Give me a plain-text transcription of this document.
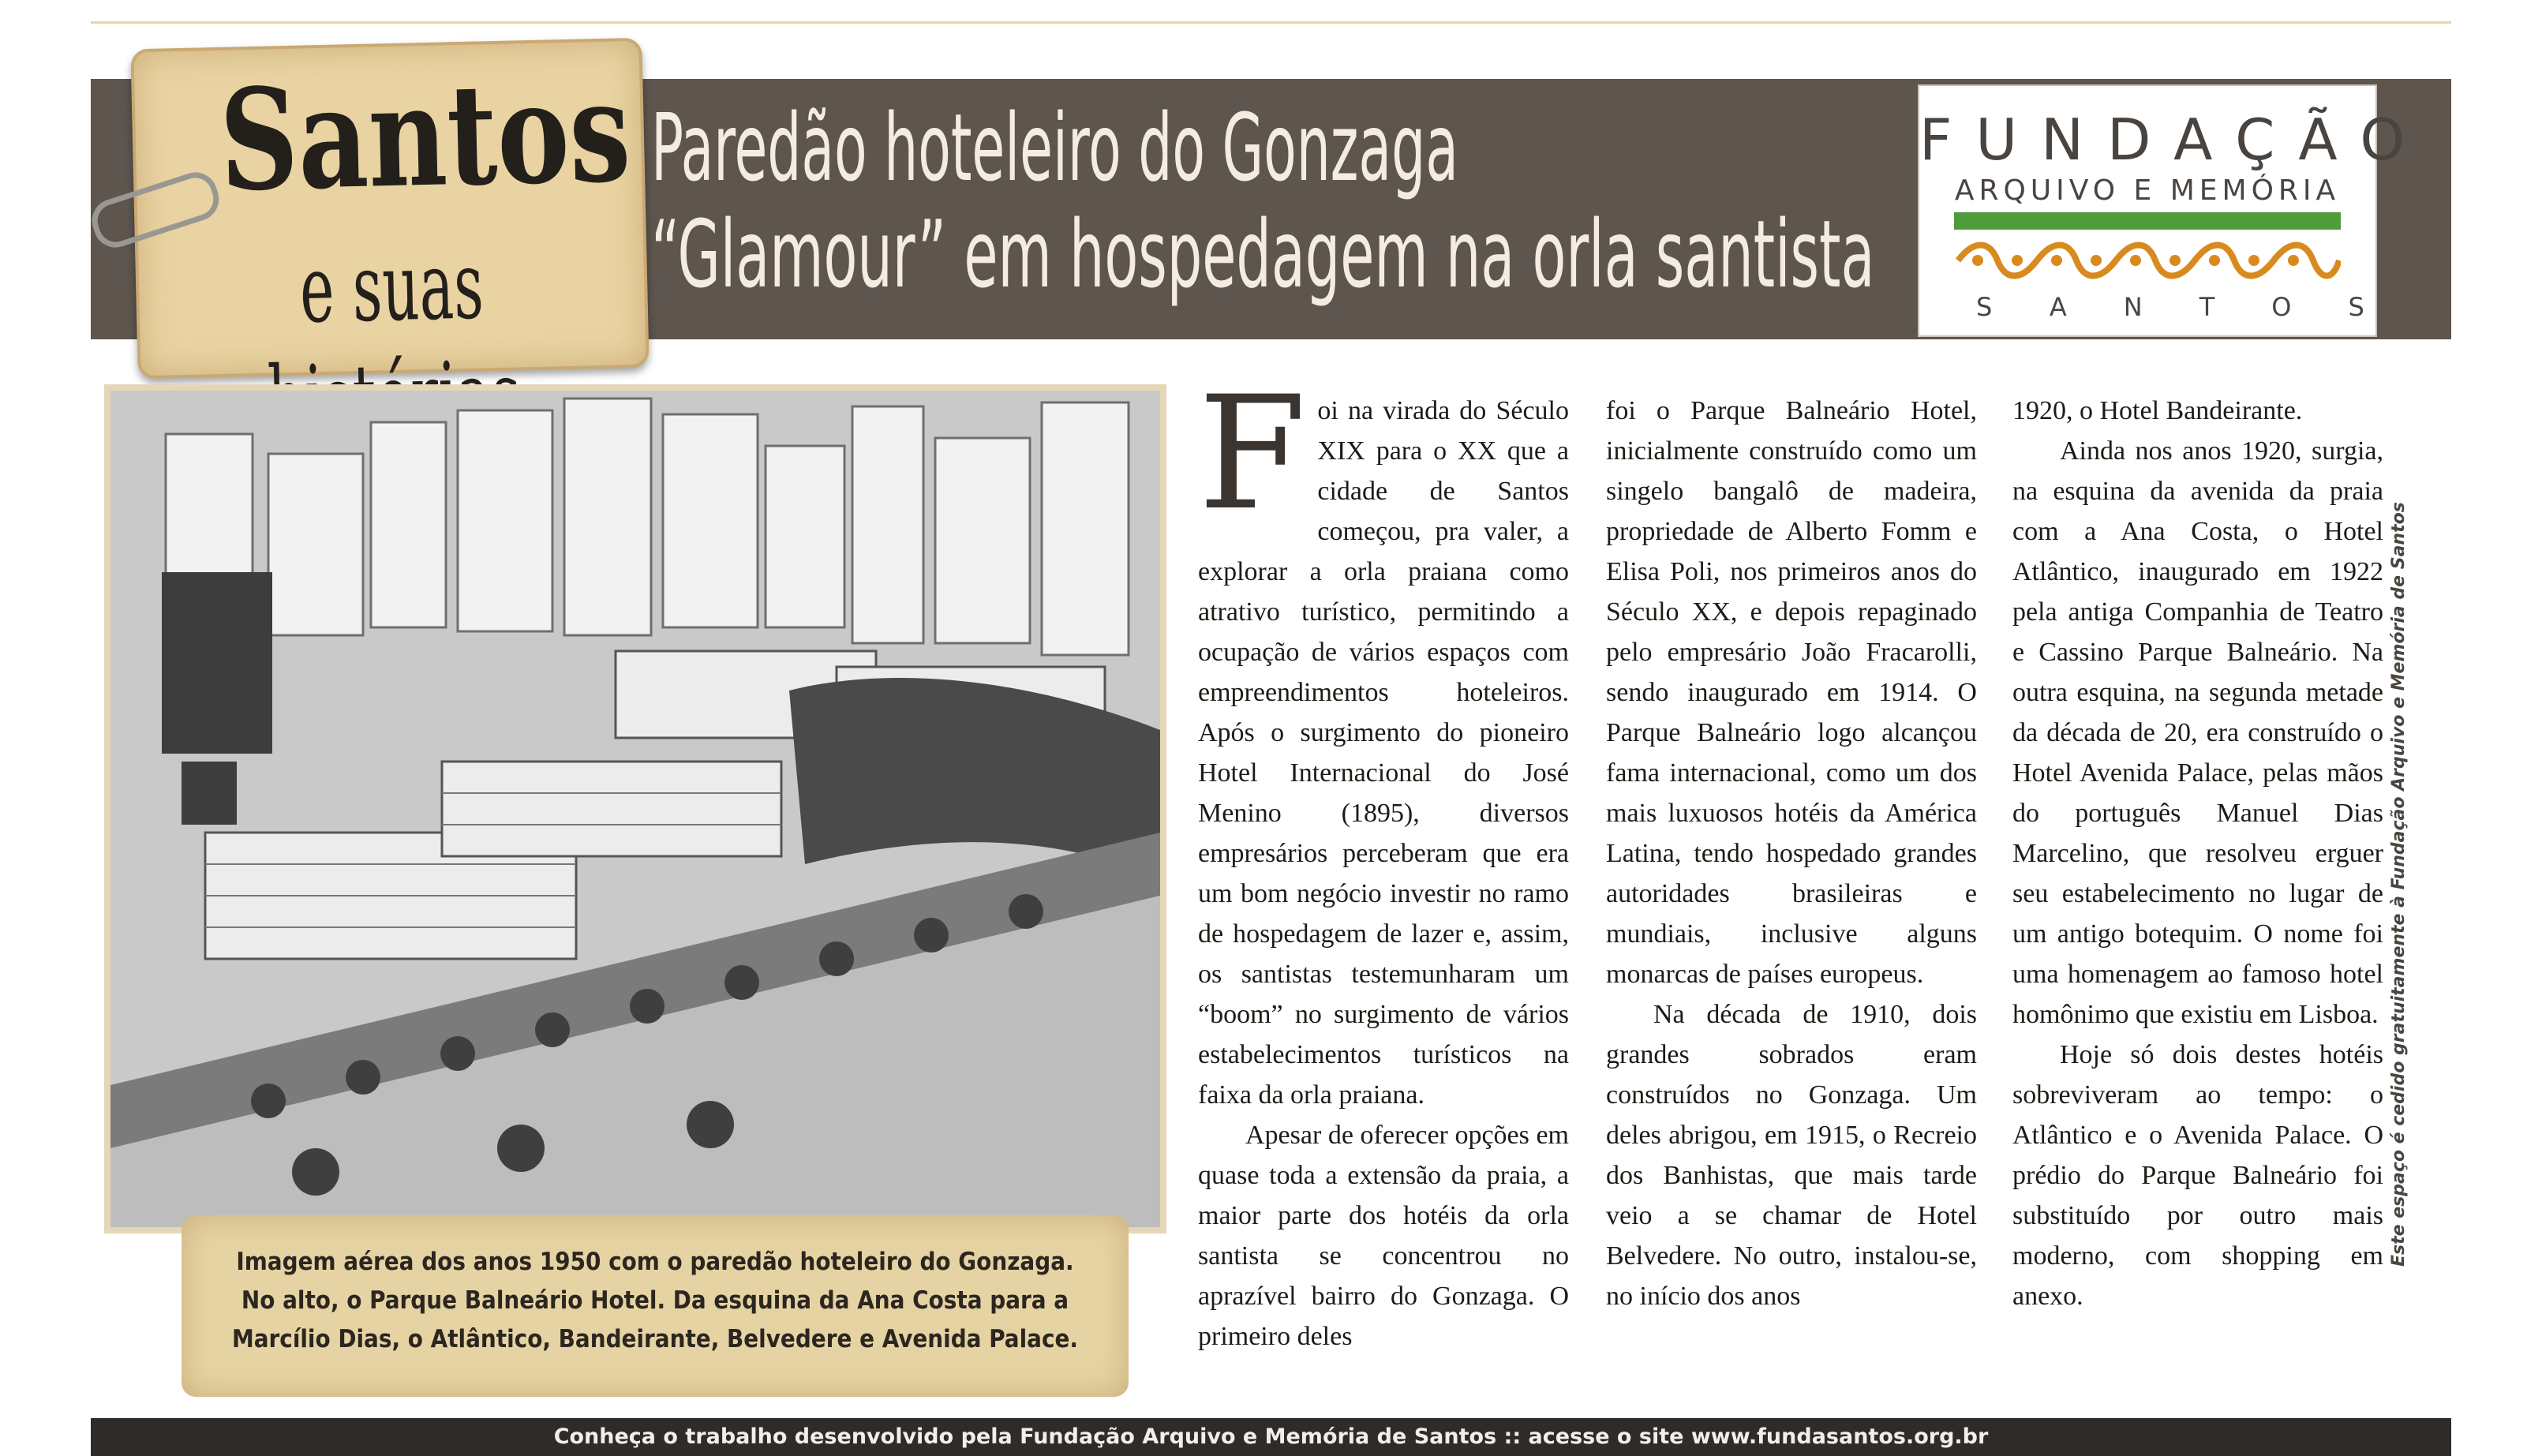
Santos
e suas
Paredão hoteleiro do Gonzaga
“Glamour” em hospedagem na orla santista
FUNDAÇÃO
ARQUIVO E MEMÓRIA
SANTOS
Imagem aérea dos anos 1950 com o paredão hoteleiro do Gonzaga. No alto, o Parque Balneário Hotel. Da esquina da Ana Costa para a Marcílio Dias, o Atlântico, Bandeirante, Belvedere e Avenida Palace.

Foi na virada do Século XIX para o XX que a cidade de Santos começou, pra valer, a explorar a orla praiana como atrativo turístico, permitindo a ocupação de vários espaços com empreendimentos hoteleiros. Após o surgimento do pioneiro Hotel Internacional do José Menino (1895), diversos empresários perceberam que era um bom negócio investir no ramo de hospedagem de lazer e, assim, os santistas testemunharam um “boom” no surgimento de vários estabelecimentos turísticos na faixa da orla praiana.

Apesar de oferecer opções em quase toda a extensão da praia, a maior parte dos hotéis da orla santista se concentrou no aprazível bairro do Gonzaga. O primeiro deles

foi o Parque Balneário Hotel, inicialmente construído como um singelo bangalô de madeira, propriedade de Alberto Fomm e Elisa Poli, nos primeiros anos do Século XX, e depois repaginado pelo empresário João Fracarolli, sendo inaugurado em 1914. O Parque Balneário logo alcançou fama internacional, como um dos mais luxuosos hotéis da América Latina, tendo hospedado grandes autoridades brasileiras e mundiais, inclusive alguns monarcas de países europeus.

Na década de 1910, dois grandes sobrados eram construídos no Gonzaga. Um deles abrigou, em 1915, o Recreio dos Banhistas, que mais tarde veio a se chamar de Hotel Belvedere. No outro, instalou-se, no início dos anos

1920, o Hotel Bandeirante.

Ainda nos anos 1920, surgia, na esquina da avenida da praia com a Ana Costa, o Hotel Atlântico, inaugurado em 1922 pela antiga Companhia de Teatro e Cassino Parque Balneário. Na outra esquina, na segunda metade da década de 20, era construído o Hotel Avenida Palace, pelas mãos do português Manuel Dias Marcelino, que resolveu erguer seu estabelecimento no lugar de um antigo botequim. O nome foi uma homenagem ao famoso hotel homônimo que existiu em Lisboa.

Hoje só dois destes hotéis sobreviveram ao tempo: o Atlântico e o Avenida Palace. O prédio do Parque Balneário foi substituído por outro mais moderno, com shopping em anexo.

Este espaço é cedido gratuitamente à Fundação Arquivo e Memória de Santos
Conheça o trabalho desenvolvido pela Fundação Arquivo e Memória de Santos :: acesse o site www.fundasantos.org.br
